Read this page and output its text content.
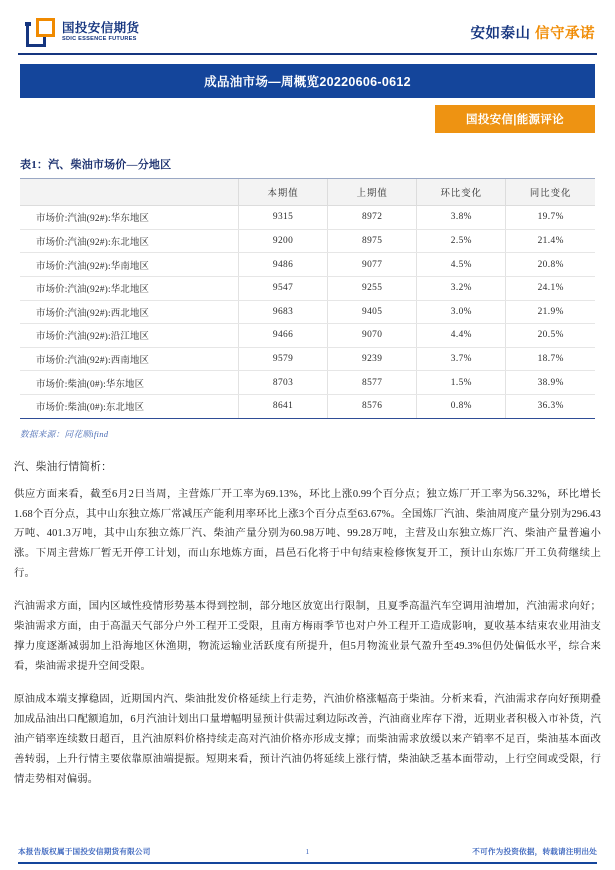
国投安信期货
SDIC ESSENCE FUTURES	安如泰山 信守承诺
成品油市场—周概览20220606-0612
国投安信|能源评论
表1：汽、柴油市场价—分地区
	本期值	上期值	环比变化	同比变化
市场价:汽油(92#):华东地区	9315	8972	3.8%	19.7%
市场价:汽油(92#):东北地区	9200	8975	2.5%	21.4%
市场价:汽油(92#):华南地区	9486	9077	4.5%	20.8%
市场价:汽油(92#):华北地区	9547	9255	3.2%	24.1%
市场价:汽油(92#):西北地区	9683	9405	3.0%	21.9%
市场价:汽油(92#):沿江地区	9466	9070	4.4%	20.5%
市场价:汽油(92#):西南地区	9579	9239	3.7%	18.7%
市场价:柴油(0#):华东地区	8703	8577	1.5%	38.9%
市场价:柴油(0#):东北地区	8641	8576	0.8%	36.3%
数据来源：同花顺ifind
汽、柴油行情简析：

供应方面来看，截至6月2日当周，主营炼厂开工率为69.13%，环比上涨0.99个百分点；独立炼厂开工率为56.32%，环比增长1.68个百分点，其中山东独立炼厂常减压产能利用率环比上涨3个百分点至63.67%。全国炼厂汽油、柴油周度产量分别为296.43万吨、401.3万吨，其中山东独立炼厂汽、柴油产量分别为60.98万吨、99.28万吨，主营及山东独立炼厂汽、柴油产量普遍小涨。下周主营炼厂暂无开停工计划，而山东地炼方面，昌邑石化将于中旬结束检修恢复开工，预计山东炼厂开工负荷继续上行。

汽油需求方面，国内区域性疫情形势基本得到控制，部分地区放宽出行限制，且夏季高温汽车空调用油增加，汽油需求向好；柴油需求方面，由于高温天气部分户外工程开工受限，且南方梅雨季节也对户外工程开工造成影响，夏收基本结束农业用油支撑力度逐渐减弱加上沿海地区休渔期，物流运输业活跃度有所提升，但5月物流业景气盈升至49.3%但仍处偏低水平，综合来看，柴油需求提升空间受限。

原油成本端支撑稳固，近期国内汽、柴油批发价格延续上行走势，汽油价格涨幅高于柴油。分析来看，汽油需求存向好预期叠加成品油出口配额追加，6月汽油计划出口量增幅明显预计供需过剩边际改善，汽油商业库存下滑，近期业者积极入市补货，汽油产销率连续数日超百，且汽油原料价格持续走高对汽油价格亦形成支撑；而柴油需求放缓以来产销率不足百，柴油基本面改善转弱，上升行情主要依靠原油端提振。短期来看，预计汽油仍将延续上涨行情，柴油缺乏基本面带动，上行空间或受限，行情走势相对偏弱。

本报告版权属于国投安信期货有限公司	1	不可作为投资依据，转载请注明出处
